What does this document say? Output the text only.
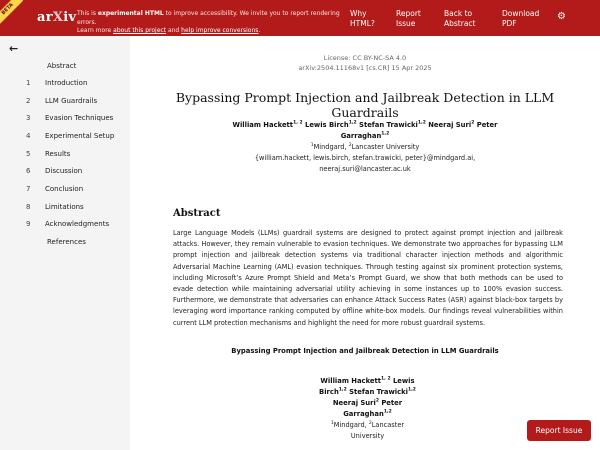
BETA
arXiv This is experimental HTML to improve accessibility. We invite you to report rendering errors.
Learn more about this project and help improve conversions.
Why HTML?
Report Issue
Back to Abstract
Download PDF
⚙
←
Abstract
1 Introduction
2 LLM Guardrails
3 Evasion Techniques
4 Experimental Setup
5 Results
6 Discussion
7 Conclusion
8 Limitations
9 Acknowledgments
References
License: CC BY-NC-SA 4.0
arXiv:2504.11168v1 [cs.CR] 15 Apr 2025
Bypassing Prompt Injection and Jailbreak Detection in LLM Guardrails
William Hackett$^{1, 2}$ Lewis Birch$^{1,2}$ Stefan Trawicki$^{1,2}$ Neeraj Suri$^2$ Peter
Garraghan$^{1,2}$
$^1$Mindgard, $^2$Lancaster University
{william.hackett, lewis.birch, stefan.trawicki, peter}@mindgard.ai,
neeraj.suri@lancaster.ac.uk
Abstract
Large Language Models (LLMs) guardrail systems are designed to protect against prompt injection and jailbreak attacks. However, they remain vulnerable to evasion techniques. We demonstrate two approaches for bypassing LLM prompt injection and jailbreak detection systems via traditional character injection methods and algorithmic Adversarial Machine Learning (AML) evasion techniques. Through testing against six prominent protection systems, including Microsoft’s Azure Prompt Shield and Meta’s Prompt Guard, we show that both methods can be used to evade detection while maintaining adversarial utility achieving in some instances up to 100% evasion success. Furthermore, we demonstrate that adversaries can enhance Attack Success Rates (ASR) against black-box targets by leveraging word importance ranking computed by offline white-box models. Our findings reveal vulnerabilities within current LLM protection mechanisms and highlight the need for more robust guardrail systems.
Bypassing Prompt Injection and Jailbreak Detection in LLM Guardrails
William Hackett$^{1, 2}$ Lewis
Birch$^{1,2}$ Stefan Trawicki$^{1,2}$
Neeraj Suri$^2$ Peter
Garraghan$^{1,2}$
$^1$Mindgard, $^2$Lancaster
University
Report Issue
